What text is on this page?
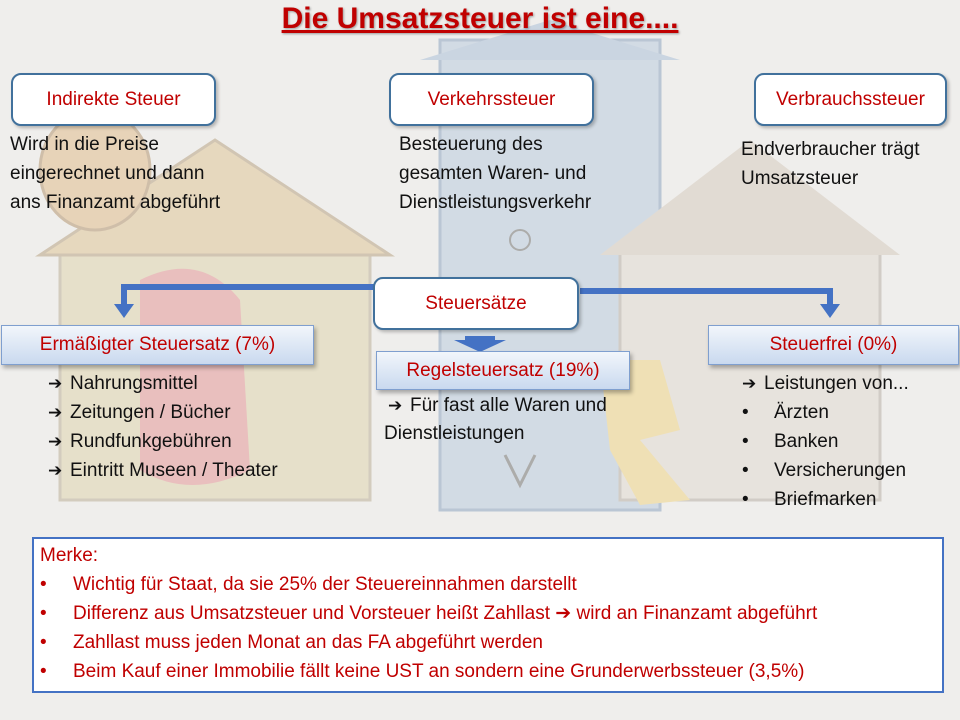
Die Umsatzsteuer ist eine....
Indirekte Steuer	Verkehrssteuer	Verbrauchssteuer
Wird in die Preise
eingerechnet und dann
ans Finanzamt abgeführt
Besteuerung des
gesamten Waren- und
Dienstleistungsverkehr
Endverbraucher trägt
Umsatzsteuer
Steuersätze
Ermäßigter Steuersatz (7%)
Regelsteuersatz (19%)
Steuerfrei (0%)
➔ Nahrungsmittel
➔ Zeitungen / Bücher
➔ Rundfunkgebühren
➔ Eintritt Museen / Theater
➔ Für fast alle Waren und
Dienstleistungen
➔ Leistungen von...
• Ärzten
• Banken
• Versicherungen
• Briefmarken
Merke:
• Wichtig für Staat, da sie 25% der Steuereinnahmen darstellt
• Differenz aus Umsatzsteuer und Vorsteuer heißt Zahllast ➔ wird an Finanzamt abgeführt
• Zahllast muss jeden Monat an das FA abgeführt werden
• Beim Kauf einer Immobilie fällt keine UST an sondern eine Grunderwerbssteuer (3,5%)
